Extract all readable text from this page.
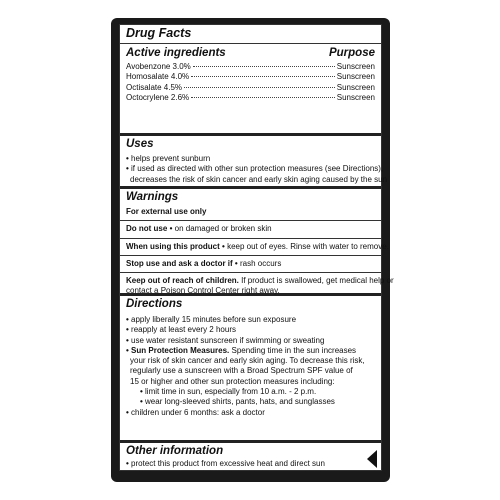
Drug Facts
Active ingredients	Purpose
Avobenzone 3.0%	Sunscreen
Homosalate 4.0%	Sunscreen
Octisalate 4.5%	Sunscreen
Octocrylene 2.6%	Sunscreen
Uses
• helps prevent sunburn
• if used as directed with other sun protection measures (see Directions),
decreases the risk of skin cancer and early skin aging caused by the sun
Warnings
For external use only
Do not use • on damaged or broken skin
When using this product • keep out of eyes. Rinse with water to remove.
Stop use and ask a doctor if • rash occurs
Keep out of reach of children. If product is swallowed, get medical help or
contact a Poison Control Center right away.
Directions
• apply liberally 15 minutes before sun exposure
• reapply at least every 2 hours
• use water resistant sunscreen if swimming or sweating
• Sun Protection Measures. Spending time in the sun increases
your risk of skin cancer and early skin aging. To decrease this risk,
regularly use a sunscreen with a Broad Spectrum SPF value of
15 or higher and other sun protection measures including:
• limit time in sun, especially from 10 a.m. - 2 p.m.
• wear long-sleeved shirts, pants, hats, and sunglasses
• children under 6 months: ask a doctor
Other information
• protect this product from excessive heat and direct sun
